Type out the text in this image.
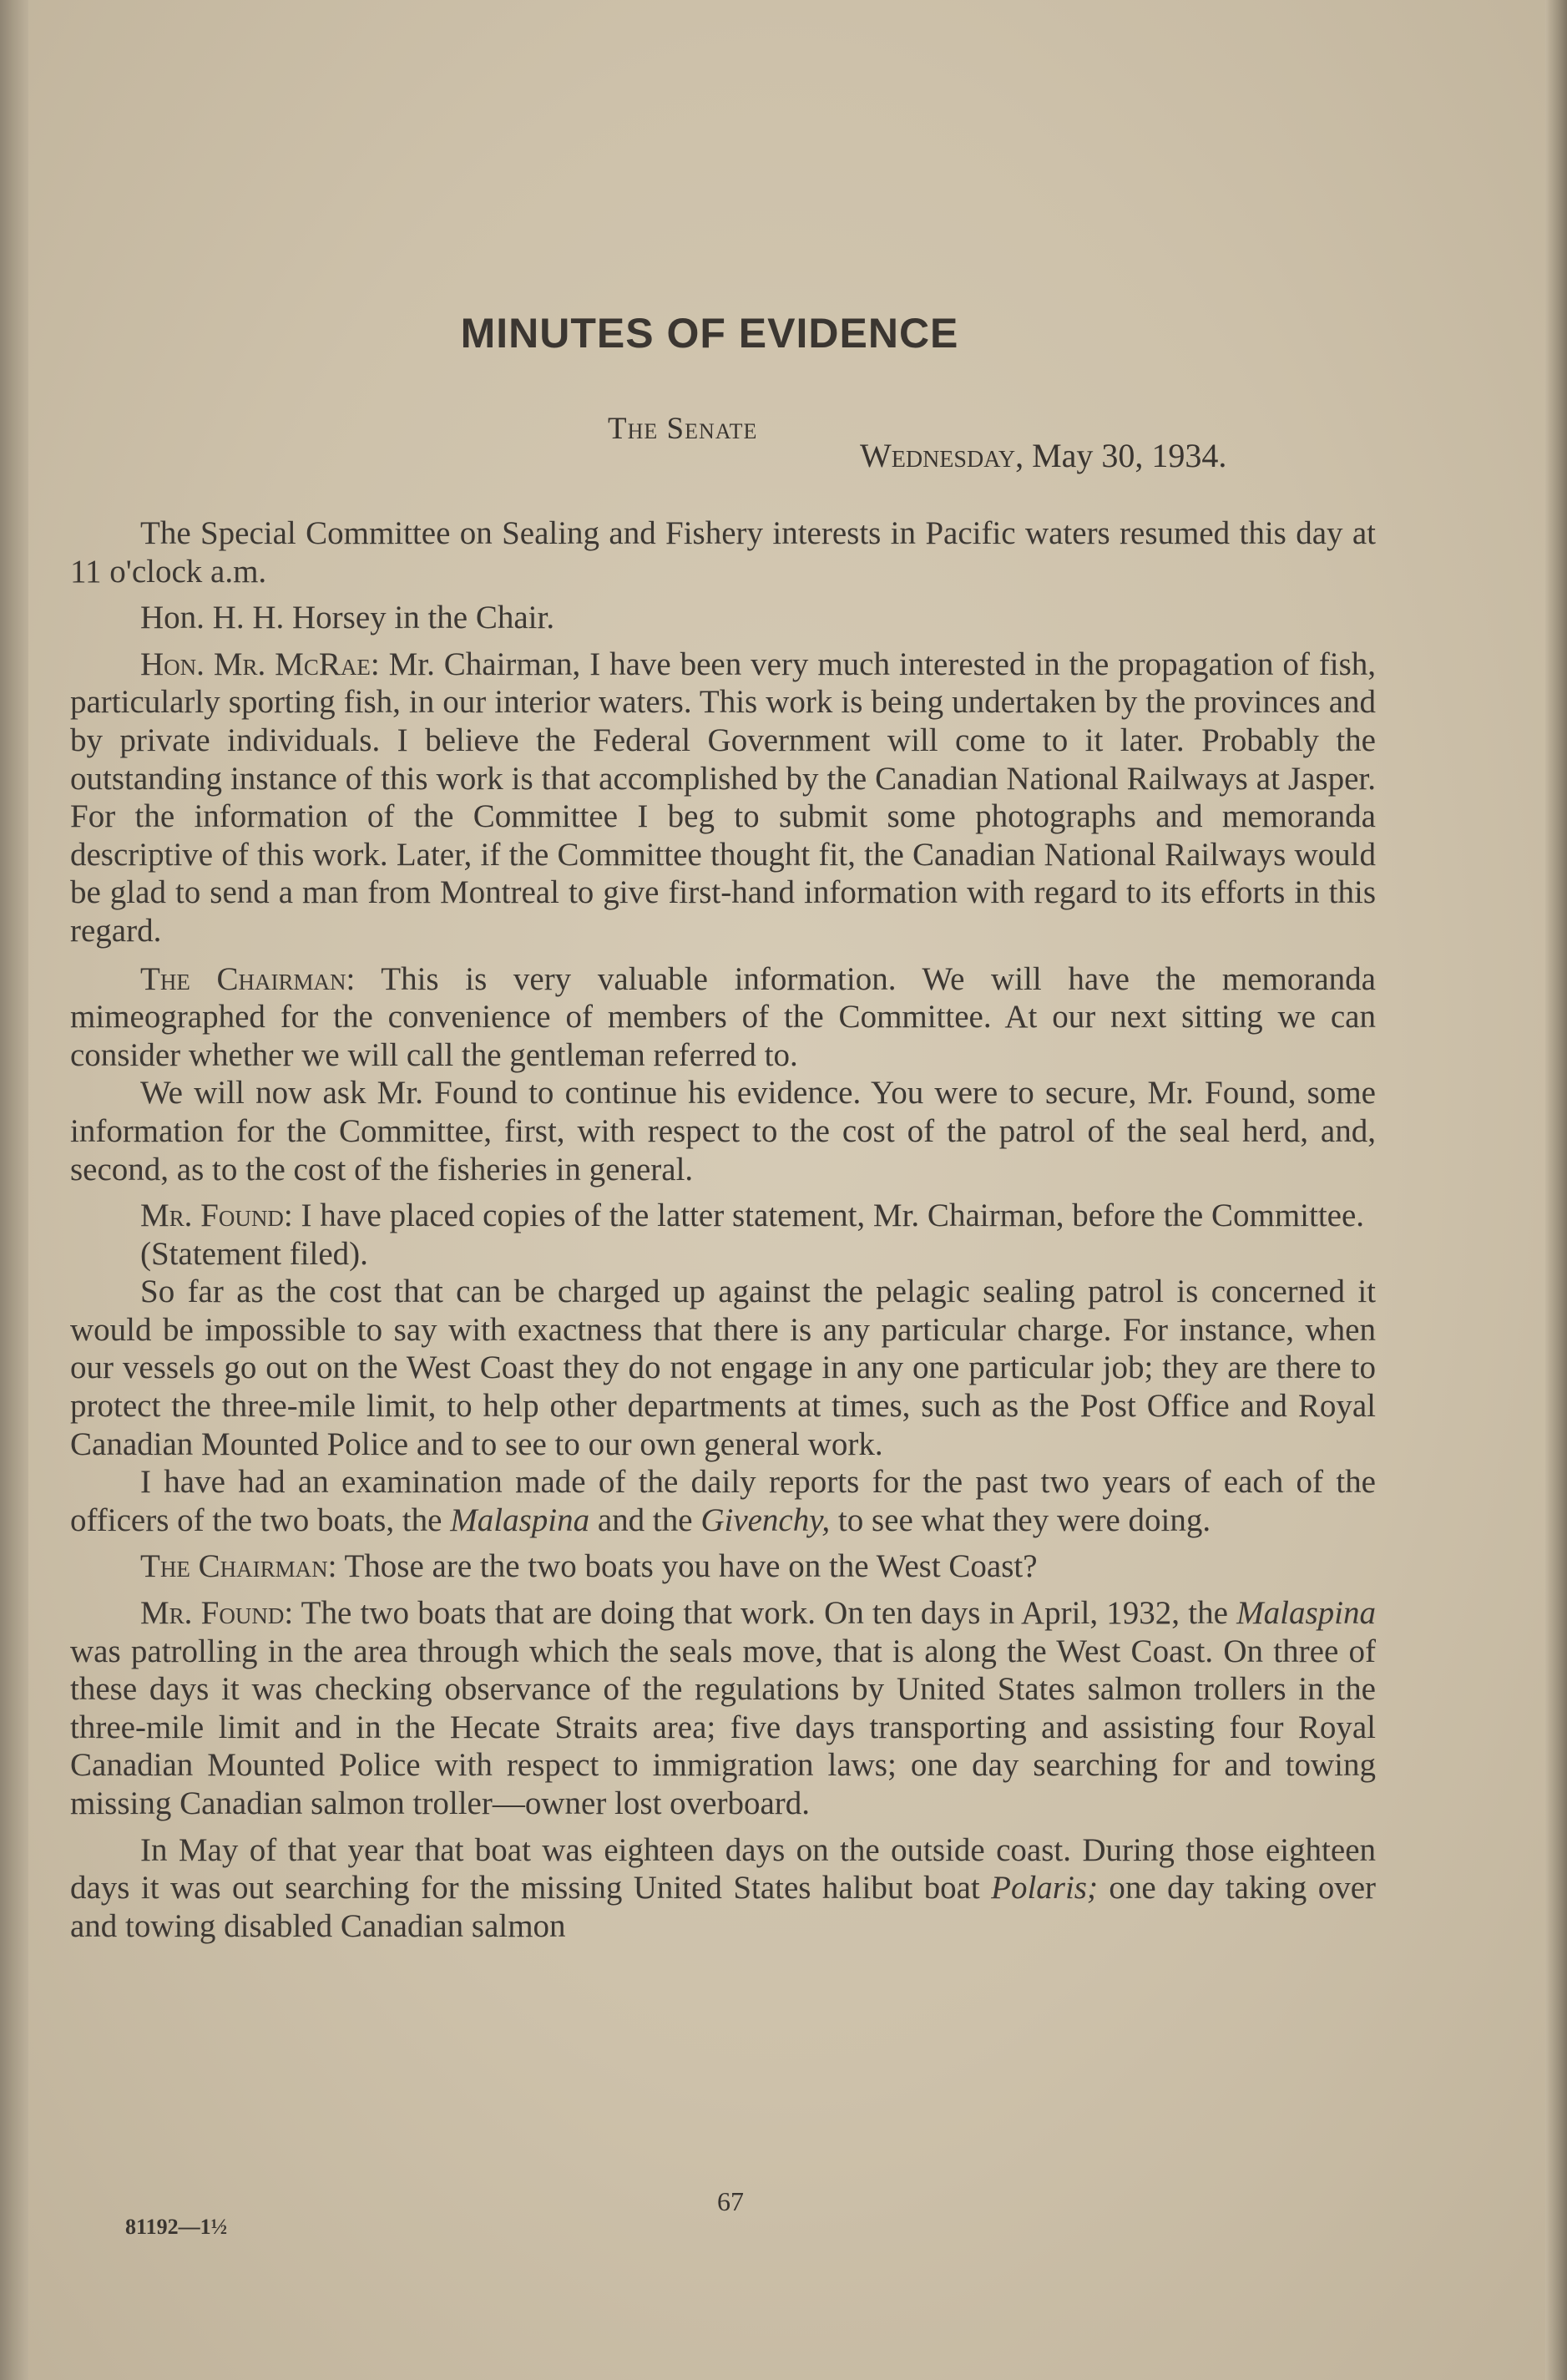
MINUTES OF EVIDENCE
The Senate
Wednesday, May 30, 1934.

The Special Committee on Sealing and Fishery interests in Pacific waters resumed this day at 11 o'clock a.m.

Hon. H. H. Horsey in the Chair.

Hon. Mr. McRae: Mr. Chairman, I have been very much interested in the propagation of fish, particularly sporting fish, in our interior waters. This work is being undertaken by the provinces and by private individuals. I believe the Federal Government will come to it later. Probably the outstanding instance of this work is that accomplished by the Canadian National Railways at Jasper. For the information of the Committee I beg to submit some photographs and memoranda descriptive of this work. Later, if the Committee thought fit, the Canadian National Railways would be glad to send a man from Montreal to give first-hand information with regard to its efforts in this regard.

The Chairman: This is very valuable information. We will have the memoranda mimeographed for the convenience of members of the Committee. At our next sitting we can consider whether we will call the gentleman referred to.

We will now ask Mr. Found to continue his evidence. You were to secure, Mr. Found, some information for the Committee, first, with respect to the cost of the patrol of the seal herd, and, second, as to the cost of the fisheries in general.

Mr. Found: I have placed copies of the latter statement, Mr. Chairman, before the Committee.

(Statement filed).

So far as the cost that can be charged up against the pelagic sealing patrol is concerned it would be impossible to say with exactness that there is any particular charge. For instance, when our vessels go out on the West Coast they do not engage in any one particular job; they are there to protect the three-mile limit, to help other departments at times, such as the Post Office and Royal Canadian Mounted Police and to see to our own general work.

I have had an examination made of the daily reports for the past two years of each of the officers of the two boats, the Malaspina and the Givenchy, to see what they were doing.

The Chairman: Those are the two boats you have on the West Coast?

Mr. Found: The two boats that are doing that work. On ten days in April, 1932, the Malaspina was patrolling in the area through which the seals move, that is along the West Coast. On three of these days it was checking observance of the regulations by United States salmon trollers in the three-mile limit and in the Hecate Straits area; five days transporting and assisting four Royal Canadian Mounted Police with respect to immigration laws; one day searching for and towing missing Canadian salmon troller—owner lost overboard.

In May of that year that boat was eighteen days on the outside coast. During those eighteen days it was out searching for the missing United States halibut boat Polaris; one day taking over and towing disabled Canadian salmon

67
81192—1½
